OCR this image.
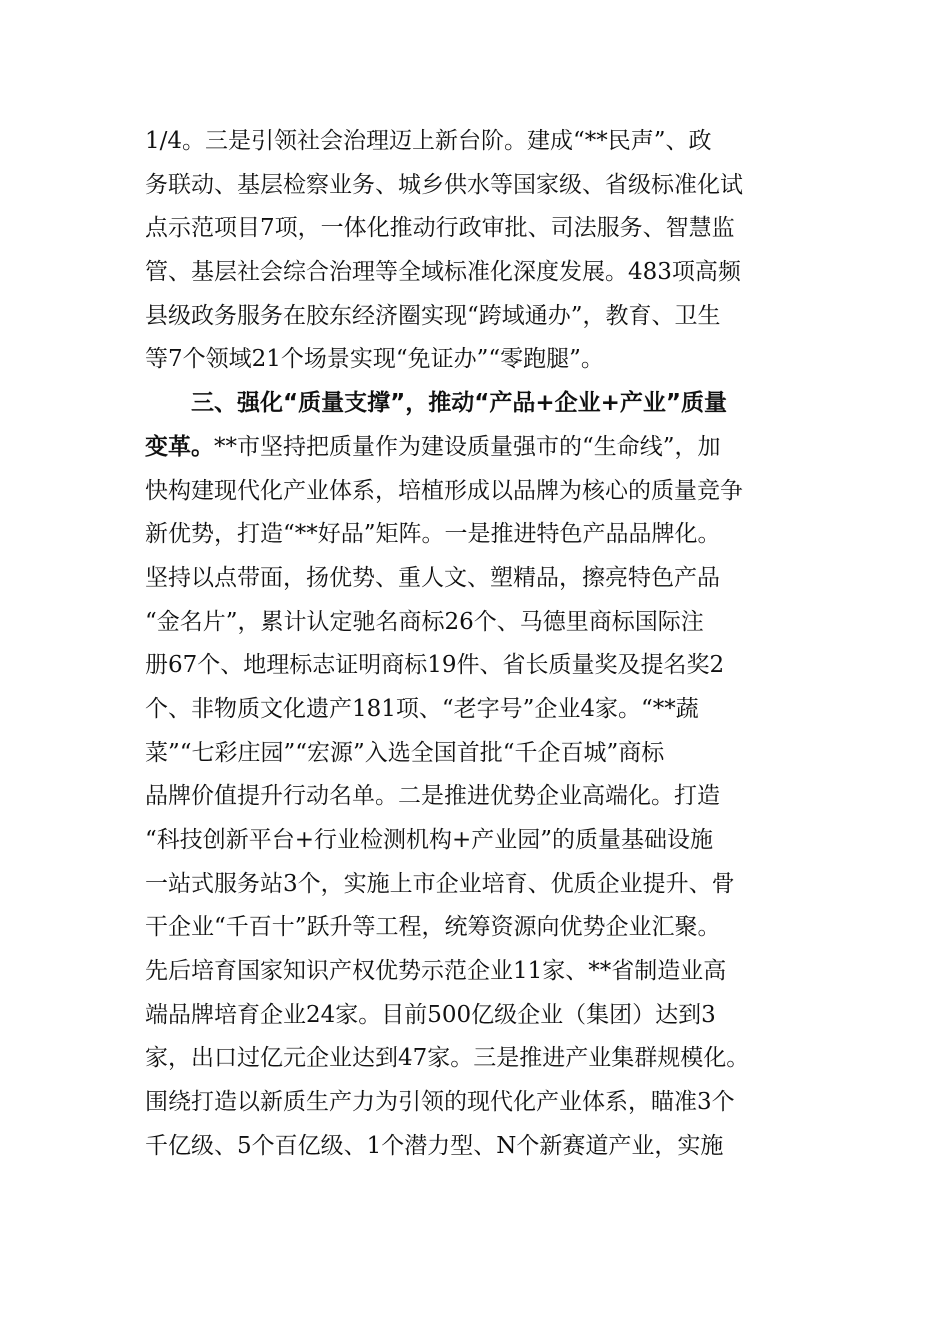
1/4。三是引领社会治理迈上新台阶。建成“**民声”、政
务联动、基层检察业务、城乡供水等国家级、省级标准化试
点示范项目7项，一体化推动行政审批、司法服务、智慧监
管、基层社会综合治理等全域标准化深度发展。483项高频
县级政务服务在胶东经济圈实现“跨域通办”，教育、卫生
等7个领域21个场景实现“免证办”“零跑腿”。
三、强化“质量支撑”，推动“产品+企业+产业”质量
变革。**市坚持把质量作为建设质量强市的“生命线”，加
快构建现代化产业体系，培植形成以品牌为核心的质量竞争
新优势，打造“**好品”矩阵。一是推进特色产品品牌化。
坚持以点带面，扬优势、重人文、塑精品，擦亮特色产品
“金名片”，累计认定驰名商标26个、马德里商标国际注
册67个、地理标志证明商标19件、省长质量奖及提名奖2
个、非物质文化遗产181项、“老字号”企业4家。“**蔬
菜”“七彩庄园”“宏源”入选全国首批“千企百城”商标
品牌价值提升行动名单。二是推进优势企业高端化。打造
“科技创新平台+行业检测机构+产业园”的质量基础设施
一站式服务站3个，实施上市企业培育、优质企业提升、骨
干企业“千百十”跃升等工程，统筹资源向优势企业汇聚。
先后培育国家知识产权优势示范企业11家、**省制造业高
端品牌培育企业24家。目前500亿级企业（集团）达到3
家，出口过亿元企业达到47家。三是推进产业集群规模化。
围绕打造以新质生产力为引领的现代化产业体系，瞄准3个
千亿级、5个百亿级、1个潜力型、N个新赛道产业，实施
